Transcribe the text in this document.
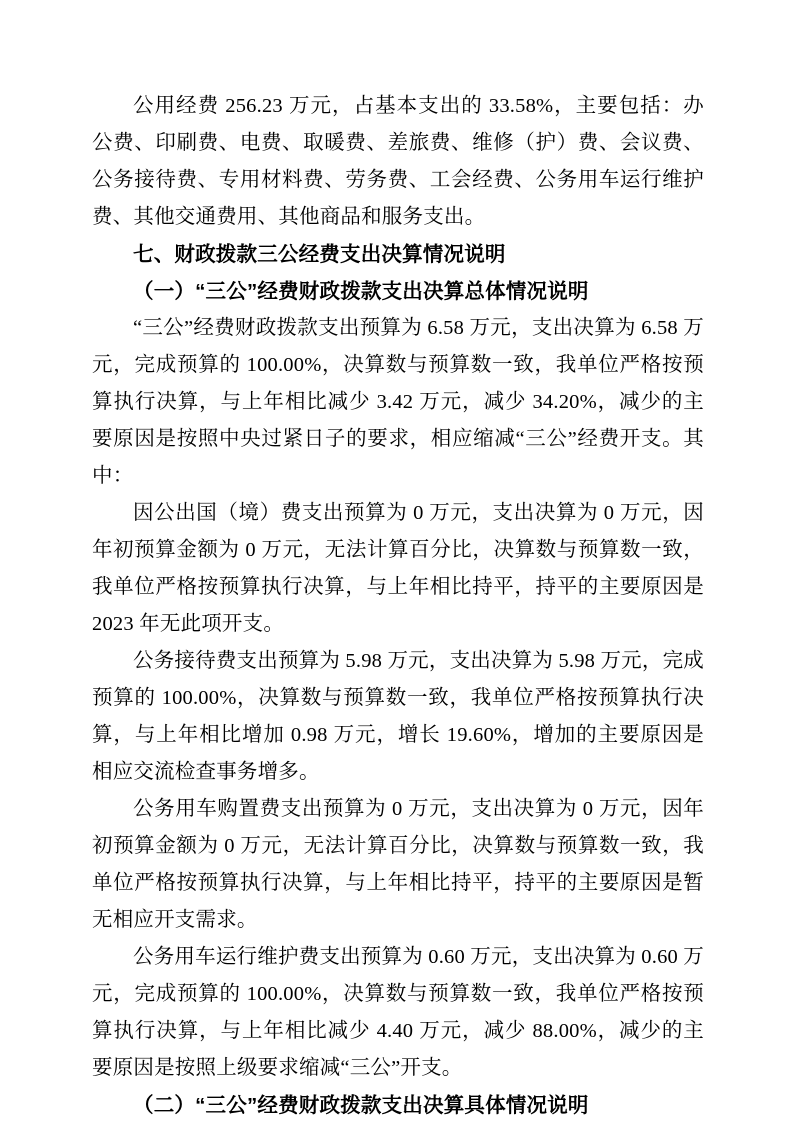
公用经费 256.23 万元，占基本支出的 33.58%，主要包括：办公费、印刷费、电费、取暖费、差旅费、维修（护）费、会议费、公务接待费、专用材料费、劳务费、工会经费、公务用车运行维护费、其他交通费用、其他商品和服务支出。

七、财政拨款三公经费支出决算情况说明

（一）“三公”经费财政拨款支出决算总体情况说明

“三公”经费财政拨款支出预算为 6.58 万元，支出决算为 6.58 万元，完成预算的 100.00%，决算数与预算数一致，我单位严格按预算执行决算，与上年相比减少 3.42 万元，减少 34.20%，减少的主要原因是按照中央过紧日子的要求，相应缩减“三公”经费开支。其中：

因公出国（境）费支出预算为 0 万元，支出决算为 0 万元，因年初预算金额为 0 万元，无法计算百分比，决算数与预算数一致，我单位严格按预算执行决算，与上年相比持平，持平的主要原因是 2023 年无此项开支。

公务接待费支出预算为 5.98 万元，支出决算为 5.98 万元，完成预算的 100.00%，决算数与预算数一致，我单位严格按预算执行决算，与上年相比增加 0.98 万元，增长 19.60%，增加的主要原因是相应交流检查事务增多。

公务用车购置费支出预算为 0 万元，支出决算为 0 万元，因年初预算金额为 0 万元，无法计算百分比，决算数与预算数一致，我单位严格按预算执行决算，与上年相比持平，持平的主要原因是暂无相应开支需求。

公务用车运行维护费支出预算为 0.60 万元，支出决算为 0.60 万元，完成预算的 100.00%，决算数与预算数一致，我单位严格按预算执行决算，与上年相比减少 4.40 万元，减少 88.00%，减少的主要原因是按照上级要求缩减“三公”开支。

（二）“三公”经费财政拨款支出决算具体情况说明
